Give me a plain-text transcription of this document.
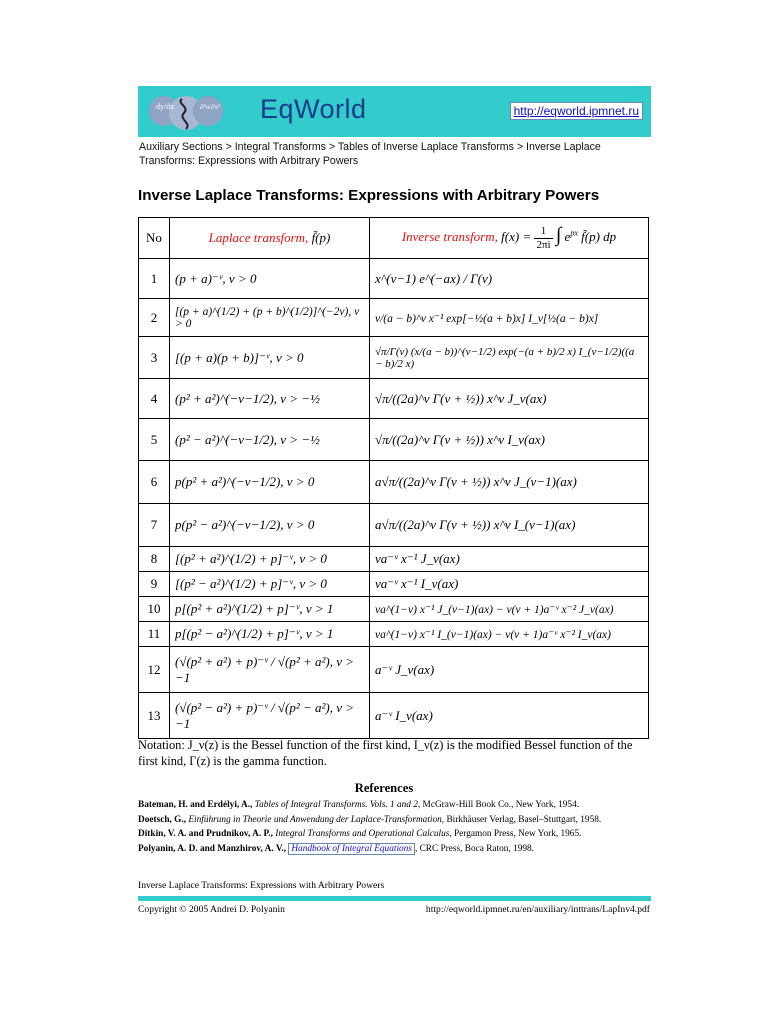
dy/dx	∂²u/∂x² EqWorld	http://eqworld.ipmnet.ru
Auxiliary Sections > Integral Transforms > Tables of Inverse Laplace Transforms > Inverse Laplace Transforms: Expressions with Arbitrary Powers
Inverse Laplace Transforms: Expressions with Arbitrary Powers
No	Laplace transform, f̃(p)	Inverse transform, $f(x) = \frac{1}{2\pi i}$ ∫ $e^{px}$ f̃(p) dp
1	(p + a)⁻ᵛ, ν > 0	x^(ν−1) e^(−ax) / Γ(ν)
2	[(p + a)^(1/2) + (p + b)^(1/2)]^(−2ν), ν > 0	ν/(a − b)^ν x⁻¹ exp[−½(a + b)x] I_ν[½(a − b)x]
3	[(p + a)(p + b)]⁻ᵛ, ν > 0	√π/Γ(ν) (x/(a − b))^(ν−1/2) exp(−(a + b)/2 x) I_(ν−1/2)((a − b)/2 x)
4	(p² + a²)^(−ν−1/2), ν > −½	√π/((2a)^ν Γ(ν + ½)) x^ν J_ν(ax)
5	(p² − a²)^(−ν−1/2), ν > −½	√π/((2a)^ν Γ(ν + ½)) x^ν I_ν(ax)
6	p(p² + a²)^(−ν−1/2), ν > 0	a√π/((2a)^ν Γ(ν + ½)) x^ν J_(ν−1)(ax)
7	p(p² − a²)^(−ν−1/2), ν > 0	a√π/((2a)^ν Γ(ν + ½)) x^ν I_(ν−1)(ax)
8	[(p² + a²)^(1/2) + p]⁻ᵛ, ν > 0	νa⁻ᵛ x⁻¹ J_ν(ax)
9	[(p² − a²)^(1/2) + p]⁻ᵛ, ν > 0	νa⁻ᵛ x⁻¹ I_ν(ax)
10	p[(p² + a²)^(1/2) + p]⁻ᵛ, ν > 1	νa^(1−ν) x⁻¹ J_(ν−1)(ax) − ν(ν + 1)a⁻ᵛ x⁻² J_ν(ax)
11	p[(p² − a²)^(1/2) + p]⁻ᵛ, ν > 1	νa^(1−ν) x⁻¹ I_(ν−1)(ax) − ν(ν + 1)a⁻ᵛ x⁻² I_ν(ax)
12	(√(p² + a²) + p)⁻ᵛ / √(p² + a²), ν > −1	a⁻ᵛ J_ν(ax)
13	(√(p² − a²) + p)⁻ᵛ / √(p² − a²), ν > −1	a⁻ᵛ I_ν(ax)
Notation: J_ν(z) is the Bessel function of the first kind, I_ν(z) is the modified Bessel function of the first kind, Γ(z) is the gamma function.
References
Bateman, H. and Erdélyi, A., Tables of Integral Transforms. Vols. 1 and 2, McGraw-Hill Book Co., New York, 1954.
Doetsch, G., Einführung in Theorie und Anwendung der Laplace-Transformation, Birkhäuser Verlag, Basel–Stuttgart, 1958.
Ditkin, V. A. and Prudnikov, A. P., Integral Transforms and Operational Calculus, Pergamon Press, New York, 1965.
Polyanin, A. D. and Manzhirov, A. V., Handbook of Integral Equations , CRC Press, Boca Raton, 1998.
Inverse Laplace Transforms: Expressions with Arbitrary Powers
Copyright © 2005 Andrei D. Polyanin	http://eqworld.ipmnet.ru/en/auxiliary/inttrans/LapInv4.pdf
